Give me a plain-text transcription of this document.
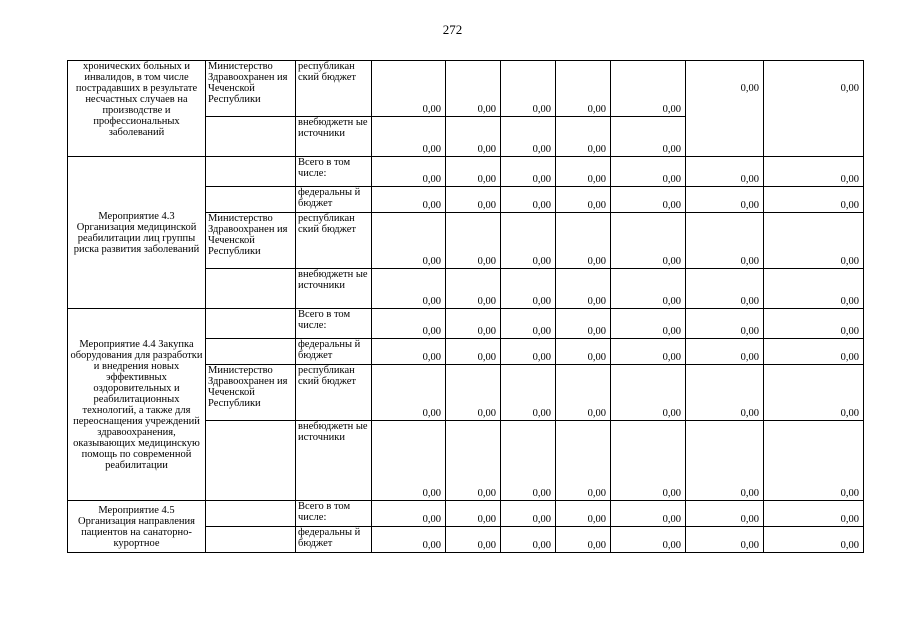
272
хронических больных и инвалидов, в том числе пострадавших в результате несчастных случаев на производстве и профессиональных заболеваний	Министерство Здравоохранен ия Чеченской Республики	республикан ский бюджет	0,00	0,00	0,00	0,00	0,00	0,00	0,00
		внебюджетн ые источники	0,00	0,00	0,00	0,00	0,00		
Мероприятие 4.3 Организация медицинской реабилитации лиц группы риска развития заболеваний		Всего в том числе:	0,00	0,00	0,00	0,00	0,00	0,00	0,00
		федеральны й бюджет	0,00	0,00	0,00	0,00	0,00	0,00	0,00
	Министерство Здравоохранен ия Чеченской Республики	республикан ский бюджет	0,00	0,00	0,00	0,00	0,00	0,00	0,00
		внебюджетн ые источники	0,00	0,00	0,00	0,00	0,00	0,00	0,00
Мероприятие 4.4 Закупка оборудования для разработки и внедрения новых эффективных оздоровительных и реабилитационных технологий, а также для переоснащения учреждений здравоохранения, оказывающих медицинскую помощь по современной реабилитации		Всего в том числе:	0,00	0,00	0,00	0,00	0,00	0,00	0,00
		федеральны й бюджет	0,00	0,00	0,00	0,00	0,00	0,00	0,00
	Министерство Здравоохранен ия Чеченской Республики	республикан ский бюджет	0,00	0,00	0,00	0,00	0,00	0,00	0,00
		внебюджетн ые источники	0,00	0,00	0,00	0,00	0,00	0,00	0,00
Мероприятие 4.5 Организация направления пациентов на санаторно-курортное		Всего в том числе:	0,00	0,00	0,00	0,00	0,00	0,00	0,00
		федеральны й бюджет	0,00	0,00	0,00	0,00	0,00	0,00	0,00
